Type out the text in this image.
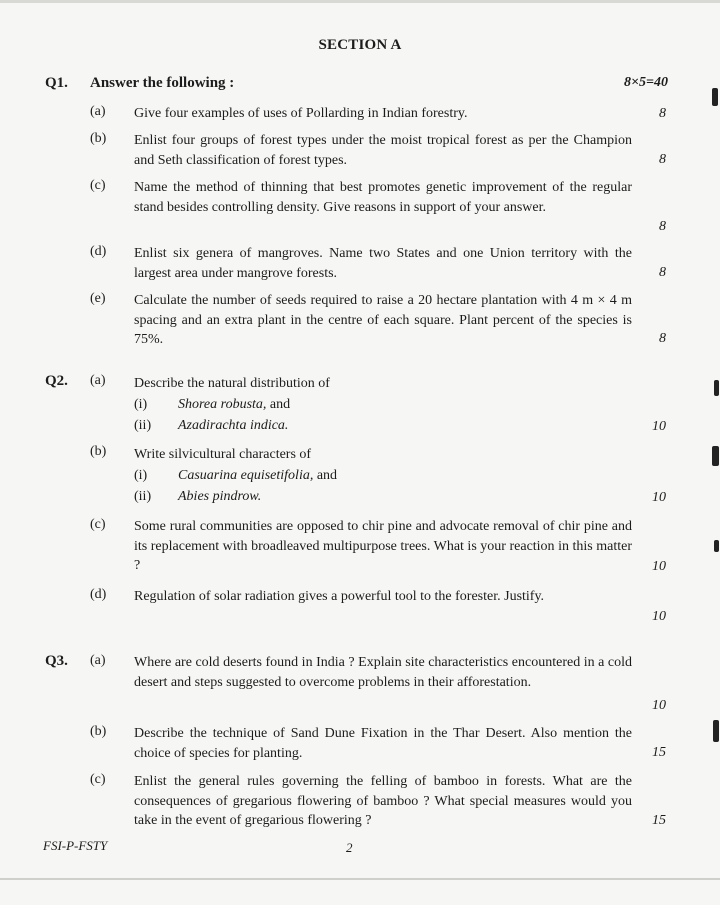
SECTION A
Q1. Answer the following :	8×5=40
(a) Give four examples of uses of Pollarding in Indian forestry.	8
(b) Enlist four groups of forest types under the moist tropical forest as per the Champion and Seth classification of forest types.	8
(c) Name the method of thinning that best promotes genetic improvement of the regular stand besides controlling density. Give reasons in support of your answer.
8
(d) Enlist six genera of mangroves. Name two States and one Union territory with the largest area under mangrove forests.	8
(e) Calculate the number of seeds required to raise a 20 hectare plantation with 4 m × 4 m spacing and an extra plant in the centre of each square. Plant percent of the species is 75%.	8
Q2. (a) Describe the natural distribution of
(i) Shorea robusta, and
(ii) Azadirachta indica.	10
(b) Write silvicultural characters of
(i) Casuarina equisetifolia, and
(ii) Abies pindrow.	10
(c) Some rural communities are opposed to chir pine and advocate removal of chir pine and its replacement with broadleaved multipurpose trees. What is your reaction in this matter ?	10
(d) Regulation of solar radiation gives a powerful tool to the forester. Justify.
10
Q3. (a) Where are cold deserts found in India ? Explain site characteristics encountered in a cold desert and steps suggested to overcome problems in their afforestation.
10
(b) Describe the technique of Sand Dune Fixation in the Thar Desert. Also mention the choice of species for planting.	15
(c) Enlist the general rules governing the felling of bamboo in forests. What are the consequences of gregarious flowering of bamboo ? What special measures would you take in the event of gregarious flowering ?	15
FSI-P-FSTY	2
